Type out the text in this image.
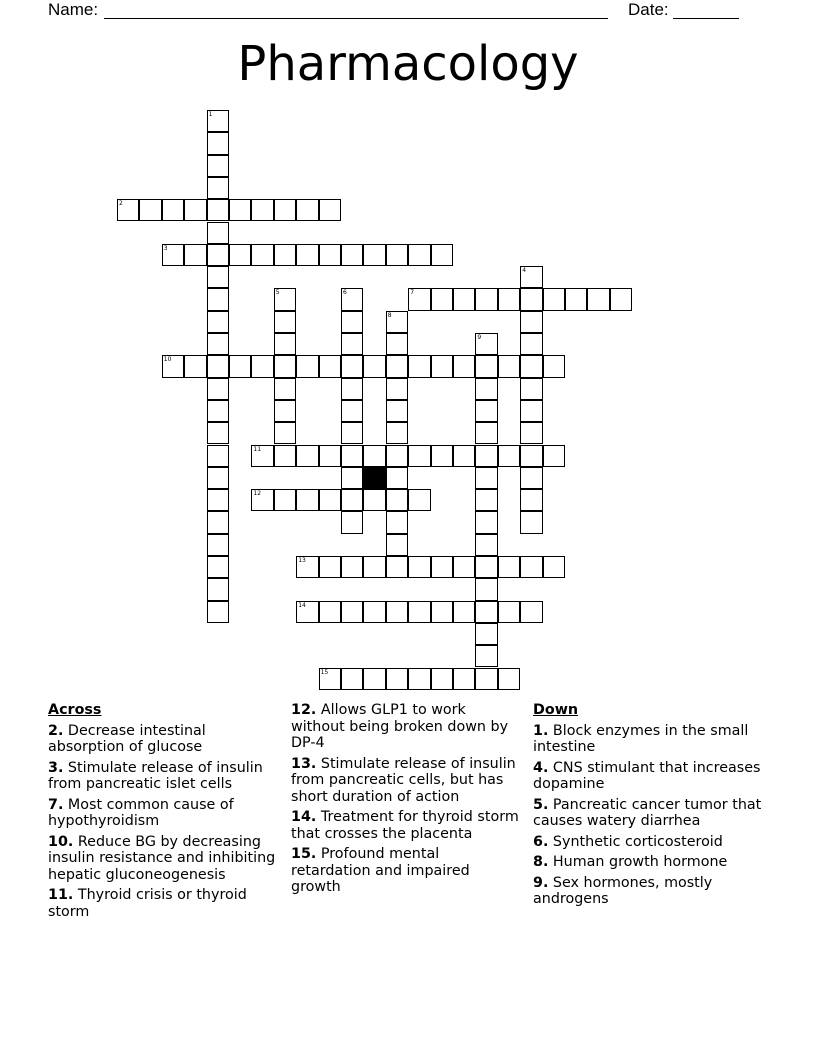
Name:	Date:
Pharmacology
1
2
3
4
5	6	7
8
9
10
11
12
13
14
15
Across
2. Decrease intestinal absorption of glucose
3. Stimulate release of insulin from pancreatic islet cells
7. Most common cause of hypothyroidism
10. Reduce BG by decreasing insulin resistance and inhibiting hepatic gluconeogenesis
11. Thyroid crisis or thyroid storm
12. Allows GLP1 to work without being broken down by DP-4
13. Stimulate release of insulin from pancreatic cells, but has short duration of action
14. Treatment for thyroid storm that crosses the placenta
15. Profound mental retardation and impaired growth
Down
1. Block enzymes in the small intestine
4. CNS stimulant that increases dopamine
5. Pancreatic cancer tumor that causes watery diarrhea
6. Synthetic corticosteroid
8. Human growth hormone
9. Sex hormones, mostly androgens
